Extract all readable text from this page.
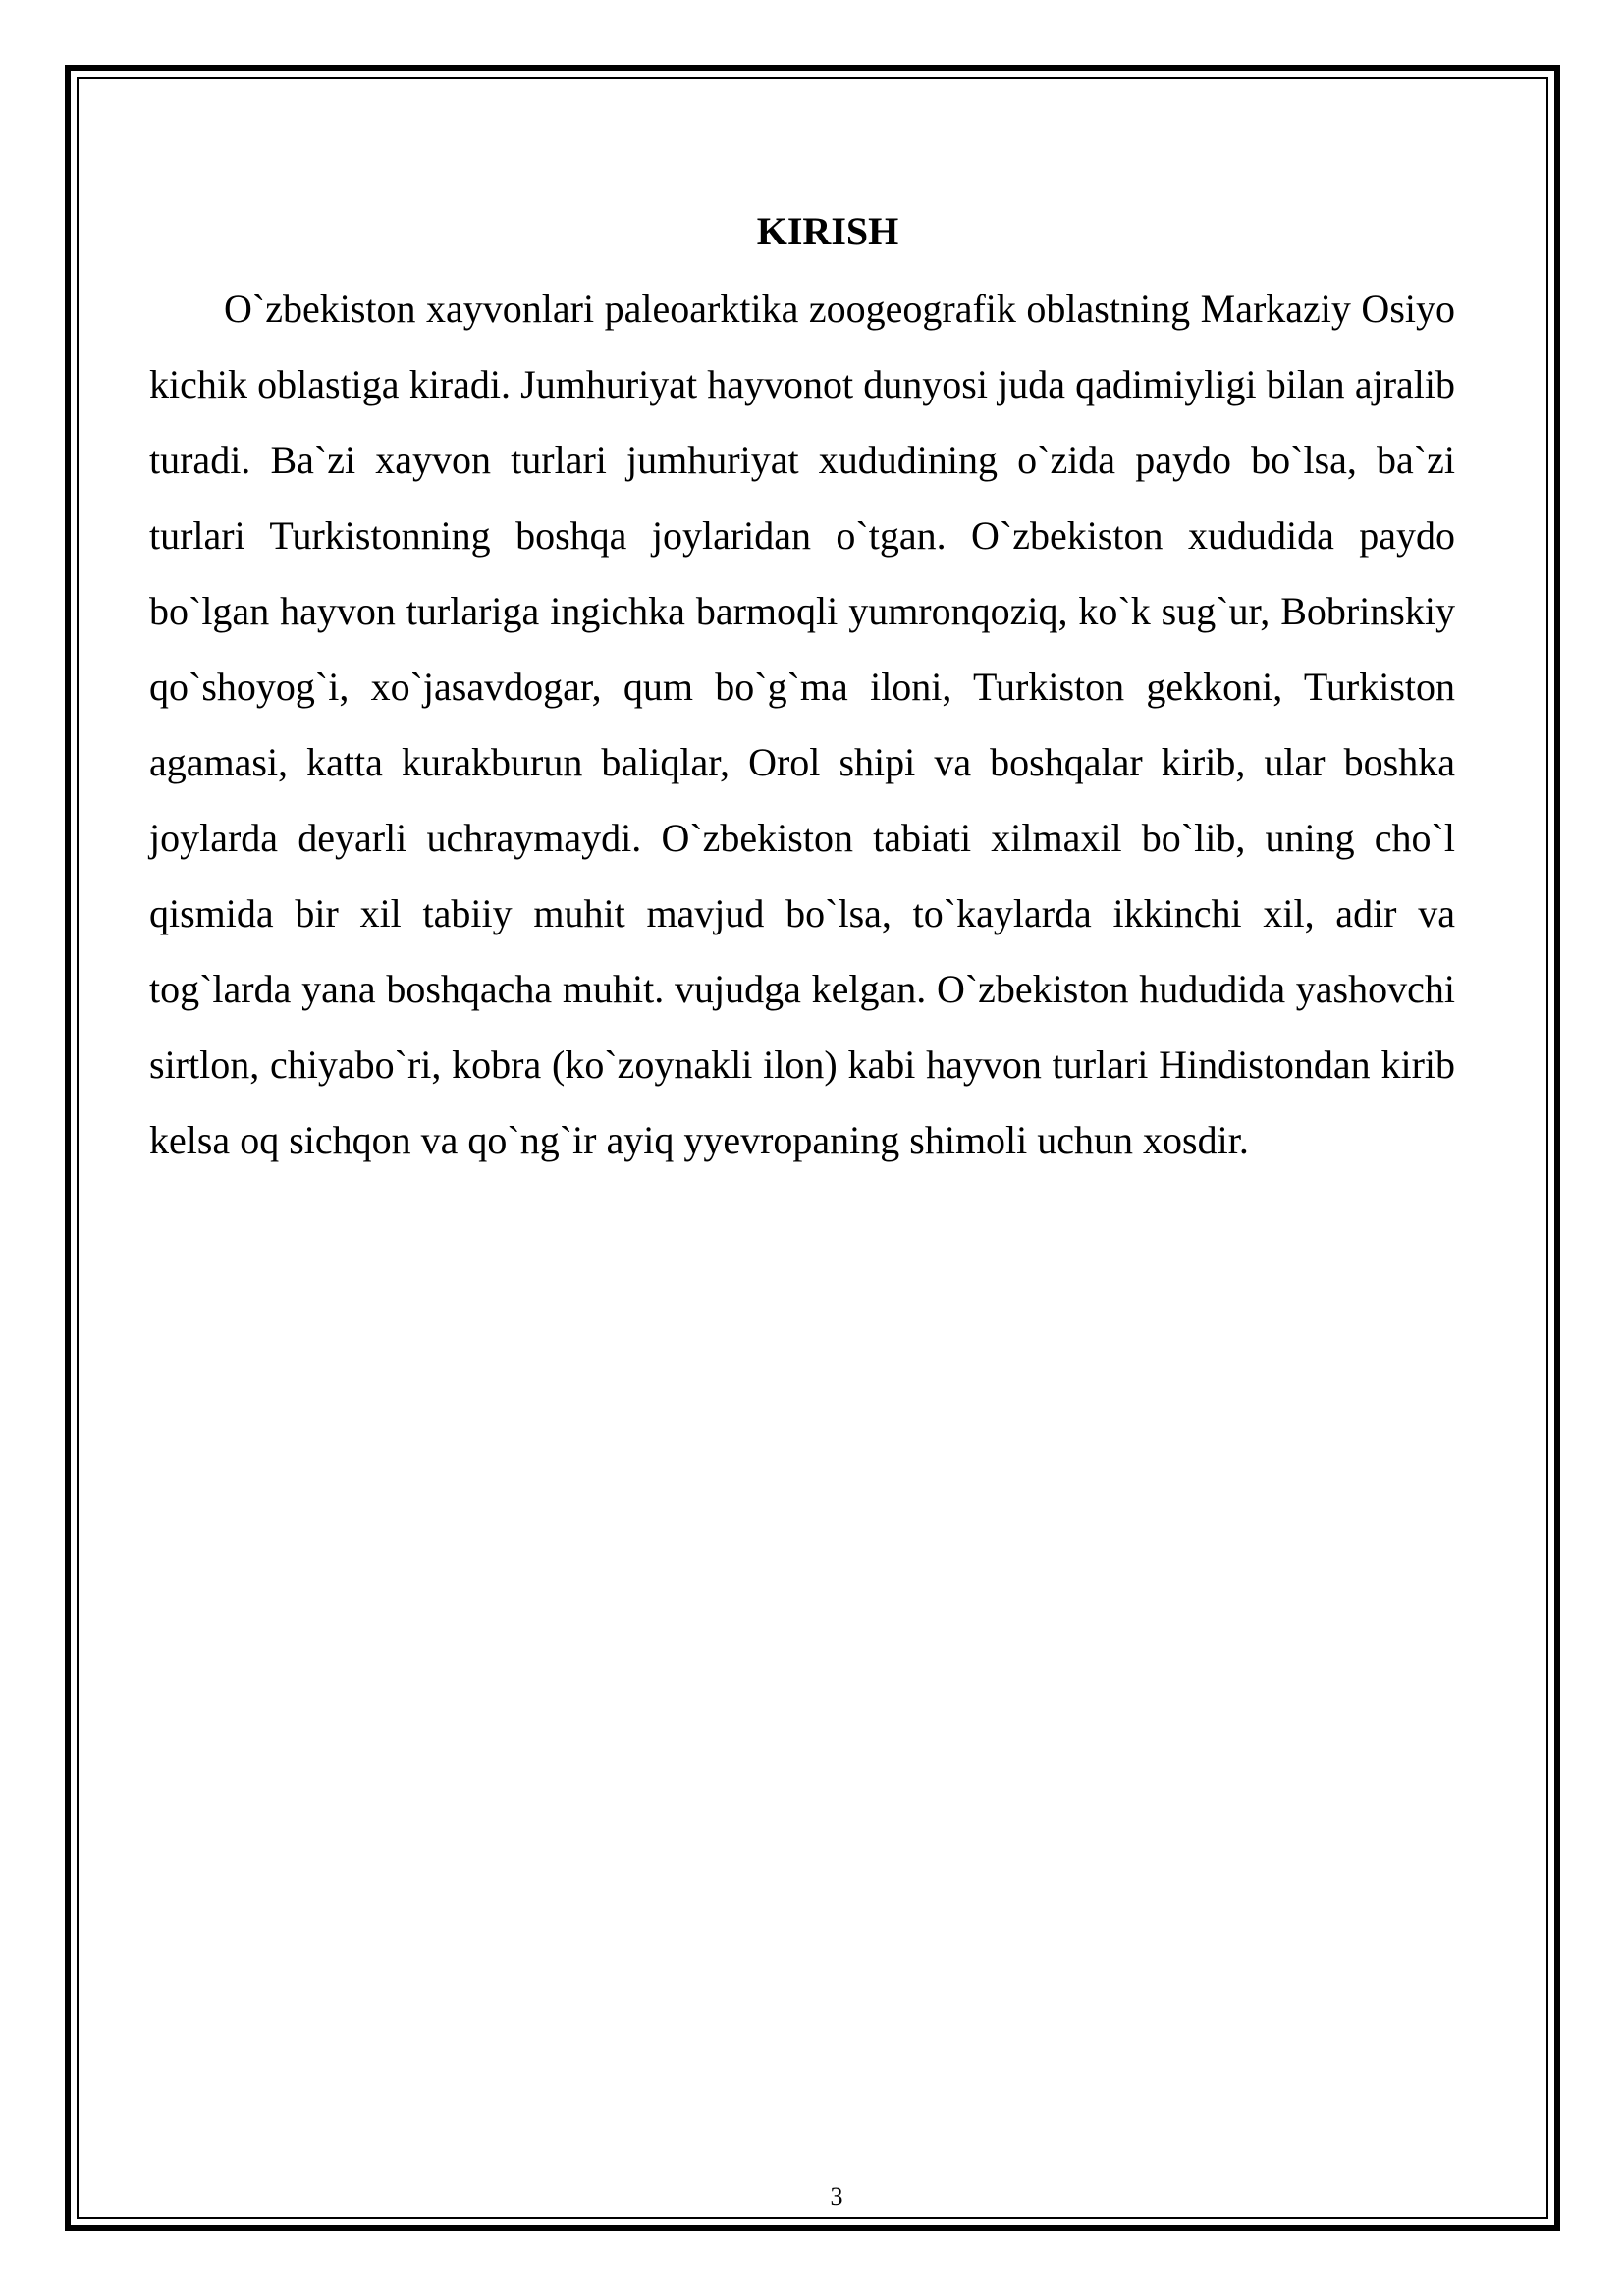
KIRISH

O`zbekiston xayvonlari paleoarktika zoogeografik oblastning Markaziy Osiyo kichik oblastiga kiradi. Jumhuriyat hayvonot dunyosi juda qadimiyligi bilan ajralib turadi. Ba`zi xayvon turlari jumhuriyat xududining o`zida paydo bo`lsa, ba`zi turlari Turkistonning boshqa joylaridan o`tgan. O`zbekiston xududida paydo bo`lgan hayvon turlariga ingichka barmoqli yumronqoziq, ko`k sug`ur, Bobrinskiy qo`shoyog`i, xo`jasavdogar, qum bo`g`ma iloni, Turkiston gekkoni, Turkiston agamasi, katta kurakburun baliqlar, Orol shipi va boshqalar kirib, ular boshka joylarda deyarli uchraymaydi. O`zbekiston tabiati xilmaxil bo`lib, uning cho`l qismida bir xil tabiiy muhit mavjud bo`lsa, to`kaylarda ikkinchi xil, adir va tog`larda yana boshqacha muhit. vujudga kelgan. O`zbekiston hududida yashovchi sirtlon, chiyabo`ri, kobra (ko`zoynakli ilon) kabi hayvon turlari Hindistondan kirib kelsa oq sichqon va qo`ng`ir ayiq yyevropaning shimoli uchun xosdir.

3
